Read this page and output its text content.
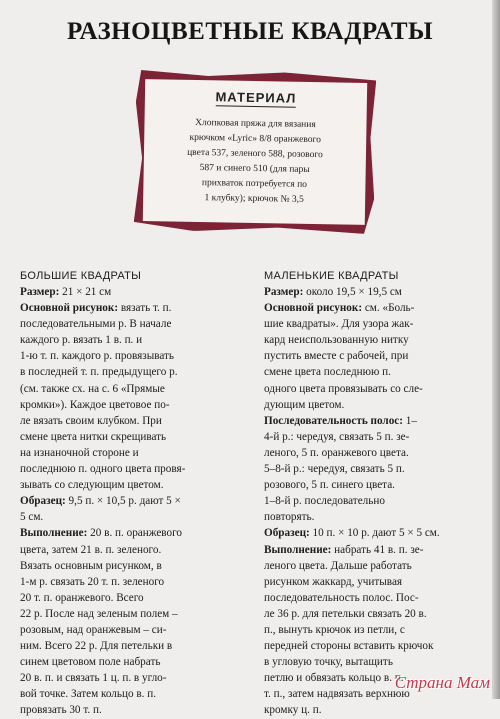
РАЗНОЦВЕТНЫЕ КВАДРАТЫ
МАТЕРИАЛ
Хлопковая пряжа для вязания
крючком «Lyric» 8/8 оранжевого
цвета 537, зеленого 588, розового
587 и синего 510 (для пары
прихваток потребуется по
1 клубку); крючок № 3,5
БОЛЬШИЕ КВАДРАТЫ

Размер: 21 × 21 см

Основной рисунок: вязать т. п.
последовательными р. В начале
каждого р. вязать 1 в. п. и
1-ю т. п. каждого р. провязывать
в последней т. п. предыдущего р.
(см. также сх. на с. 6 «Прямые
кромки»). Каждое цветовое по-
ле вязать своим клубком. При
смене цвета нитки скрещивать
на изнаночной стороне и
последнюю п. одного цвета провя-
зывать со следующим цветом.

Образец: 9,5 п. × 10,5 р. дают 5 ×
5 см.

Выполнение: 20 в. п. оранжевого
цвета, затем 21 в. п. зеленого.
Вязать основным рисунком, в
1-м р. связать 20 т. п. зеленого
20 т. п. оранжевого. Всего
22 р. После над зеленым полем –
розовым, над оранжевым – си-
ним. Всего 22 р. Для петельки в
синем цветовом поле набрать
20 в. п. и связать 1 ц. п. в угло-
вой точке. Затем кольцо в. п.
провязать 30 т. п.

МАЛЕНЬКИЕ КВАДРАТЫ

Размер: около 19,5 × 19,5 см

Основной рисунок: см. «Боль-
шие квадраты». Для узора жак-
кард неиспользованную нитку
пустить вместе с рабочей, при
смене цвета последнюю п.
одного цвета провязывать со сле-
дующим цветом.

Последовательность полос: 1–
4-й р.: чередуя, связать 5 п. зе-
леного, 5 п. оранжевого цвета.
5–8-й р.: чередуя, связать 5 п.
розового, 5 п. синего цвета.
1–8-й р. последовательно
повторять.

Образец: 10 п. × 10 р. дают 5 × 5 см.

Выполнение: набрать 41 в. п. зе-
леного цвета. Дальше работать
рисунком жаккард, учитывая
последовательность полос. Пос-
ле 36 р. для петельки связать 20 в.
п., вынуть крючок из петли, с
передней стороны вставить крючок
в угловую точку, вытащить
петлю и обвязать кольцо в. п.
т. п., затем надвязать верхнюю
кромку ц. п.

Страна Мам
